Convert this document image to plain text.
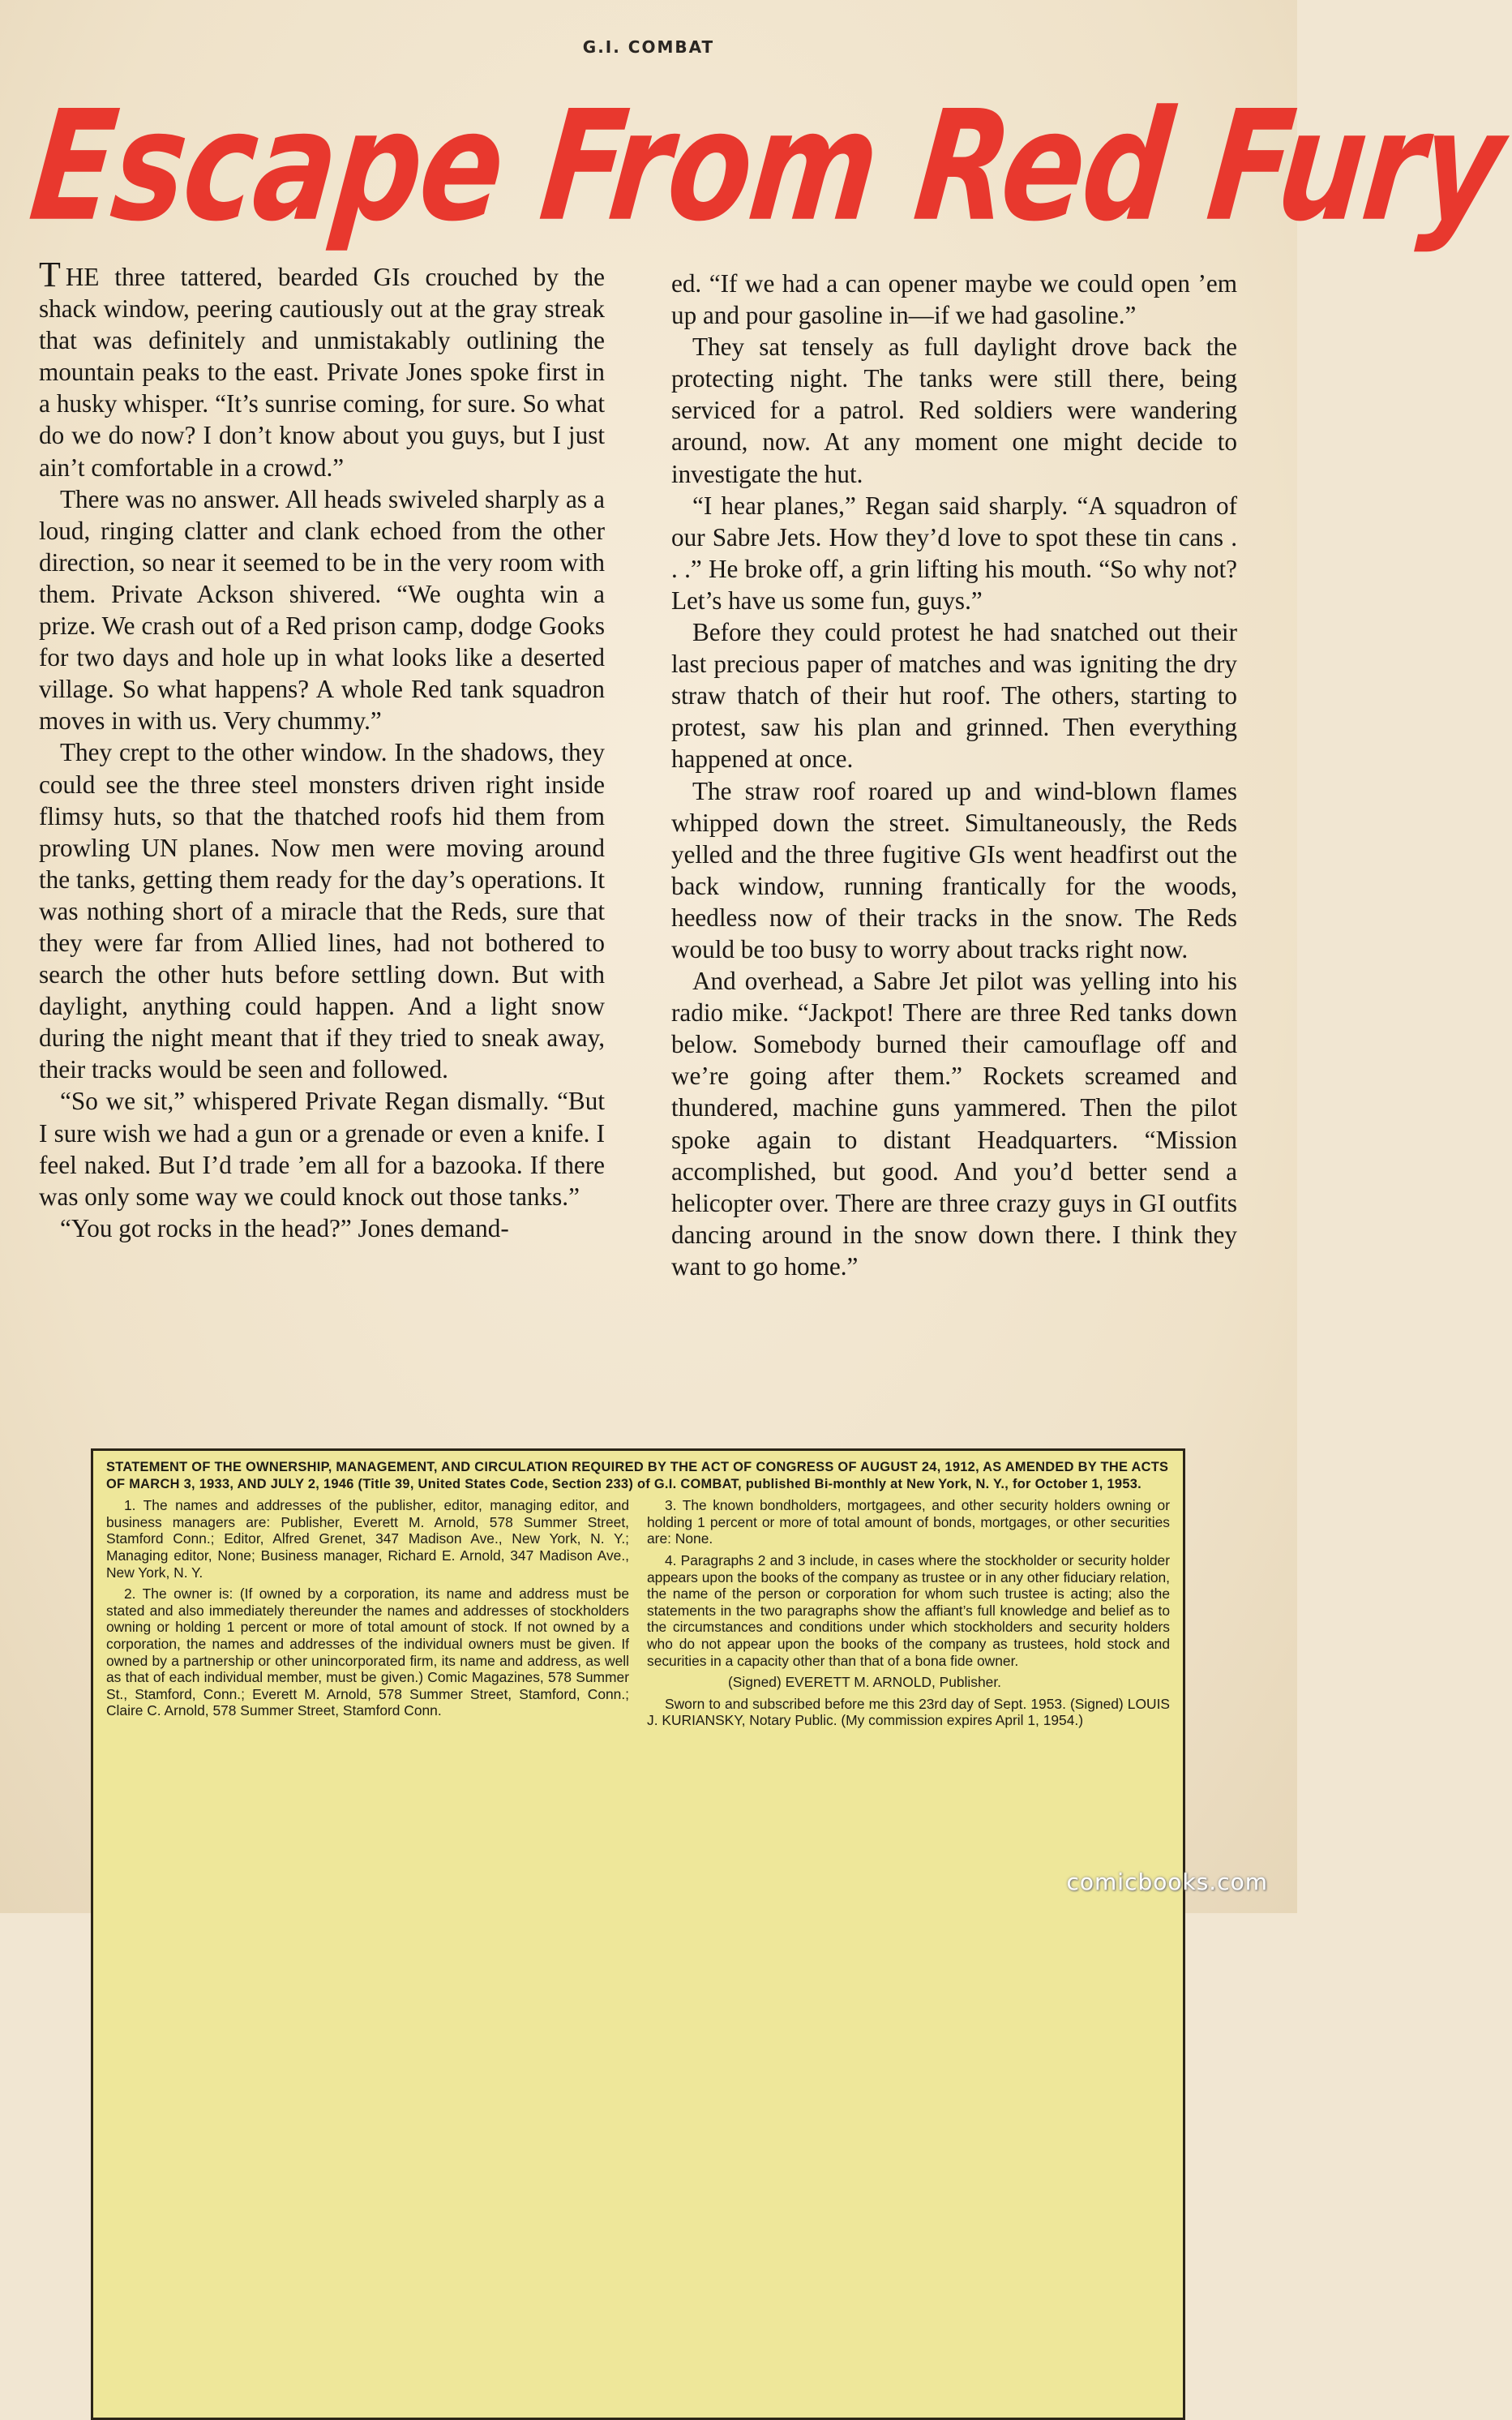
G.I. COMBAT
Escape From Red Fury

T HE three tattered, bearded GIs crouched by the shack window, peering cautiously out at the gray streak that was definitely and unmistakably outlining the mountain peaks to the east. Private Jones spoke first in a husky whisper. “It’s sunrise coming, for sure. So what do we do now? I don’t know about you guys, but I just ain’t comfortable in a crowd.”

There was no answer. All heads swiveled sharply as a loud, ringing clatter and clank echoed from the other direction, so near it seemed to be in the very room with them. Private Ackson shivered. “We oughta win a prize. We crash out of a Red prison camp, dodge Gooks for two days and hole up in what looks like a deserted village. So what happens? A whole Red tank squadron moves in with us. Very chummy.”

They crept to the other window. In the shadows, they could see the three steel monsters driven right inside flimsy huts, so that the thatched roofs hid them from prowling UN planes. Now men were moving around the tanks, getting them ready for the day’s operations. It was nothing short of a miracle that the Reds, sure that they were far from Allied lines, had not bothered to search the other huts before settling down. But with daylight, anything could happen. And a light snow during the night meant that if they tried to sneak away, their tracks would be seen and followed.

“So we sit,” whispered Private Regan dismally. “But I sure wish we had a gun or a grenade or even a knife. I feel naked. But I’d trade ’em all for a bazooka. If there was only some way we could knock out those tanks.”

“You got rocks in the head?” Jones demand-

ed. “If we had a can opener maybe we could open ’em up and pour gasoline in—if we had gasoline.”

They sat tensely as full daylight drove back the protecting night. The tanks were still there, being serviced for a patrol. Red soldiers were wandering around, now. At any moment one might decide to investigate the hut.

“I hear planes,” Regan said sharply. “A squadron of our Sabre Jets. How they’d love to spot these tin cans . . .” He broke off, a grin lifting his mouth. “So why not? Let’s have us some fun, guys.”

Before they could protest he had snatched out their last precious paper of matches and was igniting the dry straw thatch of their hut roof. The others, starting to protest, saw his plan and grinned. Then everything happened at once.

The straw roof roared up and wind-blown flames whipped down the street. Simultaneously, the Reds yelled and the three fugitive GIs went headfirst out the back window, running frantically for the woods, heedless now of their tracks in the snow. The Reds would be too busy to worry about tracks right now.

And overhead, a Sabre Jet pilot was yelling into his radio mike. “Jackpot! There are three Red tanks down below. Somebody burned their camouflage off and we’re going after them.” Rockets screamed and thundered, machine guns yammered. Then the pilot spoke again to distant Headquarters. “Mission accomplished, but good. And you’d better send a helicopter over. There are three crazy guys in GI outfits dancing around in the snow down there. I think they want to go home.”

STATEMENT OF THE OWNERSHIP, MANAGEMENT, AND CIRCULATION REQUIRED BY THE ACT OF CONGRESS OF AUGUST 24, 1912, AS AMENDED BY THE ACTS OF MARCH 3, 1933, AND JULY 2, 1946 (Title 39, United States Code, Section 233) of G.I. COMBAT, published Bi-monthly at New York, N. Y., for October 1, 1953.

1. The names and addresses of the publisher, editor, managing editor, and business managers are: Publisher, Everett M. Arnold, 578 Summer Street, Stamford Conn.; Editor, Alfred Grenet, 347 Madison Ave., New York, N. Y.; Managing editor, None; Business manager, Richard E. Arnold, 347 Madison Ave., New York, N. Y.

2. The owner is: (If owned by a corporation, its name and address must be stated and also immediately thereunder the names and addresses of stockholders owning or holding 1 percent or more of total amount of stock. If not owned by a corporation, the names and addresses of the individual owners must be given. If owned by a partnership or other unincorporated firm, its name and address, as well as that of each individual member, must be given.) Comic Magazines, 578 Summer St., Stamford, Conn.; Everett M. Arnold, 578 Summer Street, Stamford, Conn.; Claire C. Arnold, 578 Summer Street, Stamford Conn.

3. The known bondholders, mortgagees, and other security holders owning or holding 1 percent or more of total amount of bonds, mortgages, or other securities are: None.

4. Paragraphs 2 and 3 include, in cases where the stockholder or security holder appears upon the books of the company as trustee or in any other fiduciary relation, the name of the person or corporation for whom such trustee is acting; also the statements in the two paragraphs show the affiant’s full knowledge and belief as to the circumstances and conditions under which stockholders and security holders who do not appear upon the books of the company as trustees, hold stock and securities in a capacity other than that of a bona fide owner.

(Signed) EVERETT M. ARNOLD, Publisher.

Sworn to and subscribed before me this 23rd day of Sept. 1953. (Signed) LOUIS J. KURIANSKY, Notary Public. (My commission expires April 1, 1954.)

comicbooks.com
